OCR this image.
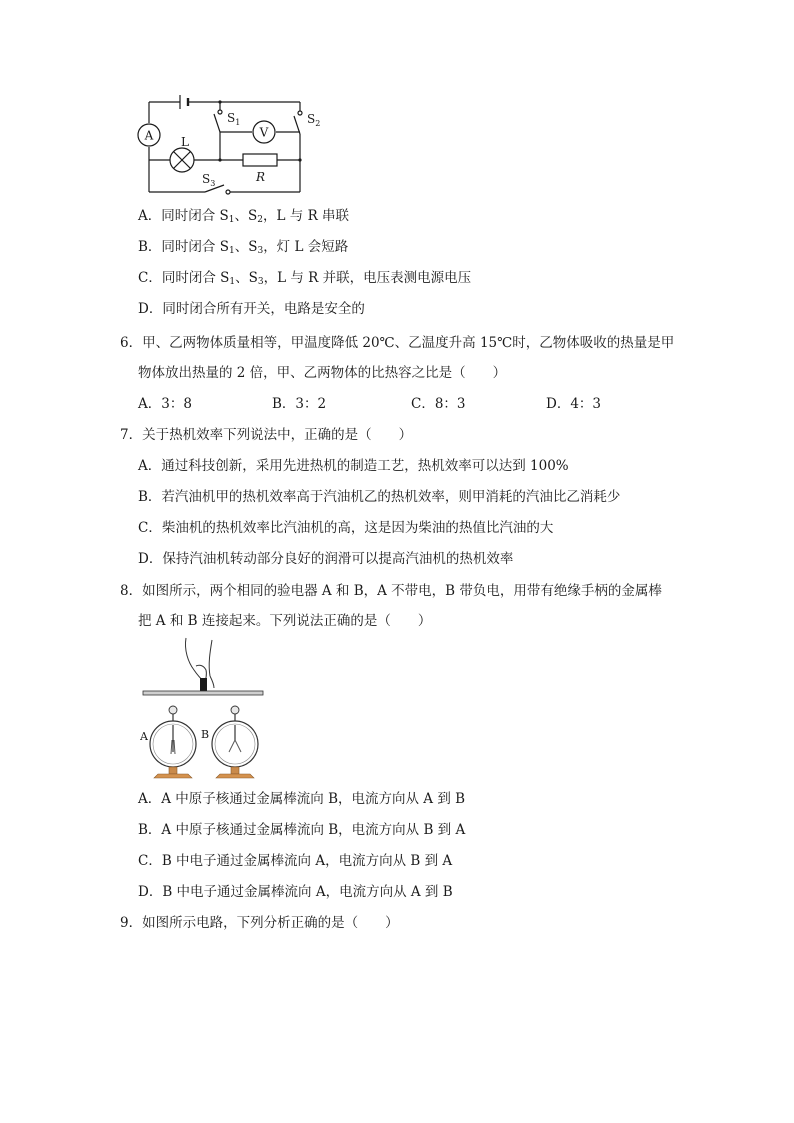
$S_1$	$S_2$
V
A L
R
$S_3$
A．同时闭合 $S_1$、$S_2$，L 与 R 串联
B．同时闭合 $S_1$、$S_3$，灯 L 会短路
C．同时闭合 $S_1$、$S_3$，L 与 R 并联，电压表测电源电压
D．同时闭合所有开关，电路是安全的
6．甲、乙两物体质量相等，甲温度降低 20℃、乙温度升高 15℃时，乙物体吸收的热量是甲
物体放出热量的 2 倍，甲、乙两物体的比热容之比是（　　）
A．3：8	B．3：2	C．8：3	D．4：3
7．关于热机效率下列说法中，正确的是（　　）
A．通过科技创新，采用先进热机的制造工艺，热机效率可以达到 100%
B．若汽油机甲的热机效率高于汽油机乙的热机效率，则甲消耗的汽油比乙消耗少
C．柴油机的热机效率比汽油机的高，这是因为柴油的热值比汽油的大
D．保持汽油机转动部分良好的润滑可以提高汽油机的热机效率
8．如图所示，两个相同的验电器 A 和 B，A 不带电，B 带负电，用带有绝缘手柄的金属棒
把 A 和 B 连接起来。下列说法正确的是（　　）
A	B
A．A 中原子核通过金属棒流向 B，电流方向从 A 到 B
B．A 中原子核通过金属棒流向 B，电流方向从 B 到 A
C．B 中电子通过金属棒流向 A，电流方向从 B 到 A
D．B 中电子通过金属棒流向 A，电流方向从 A 到 B
9．如图所示电路，下列分析正确的是（　　）
